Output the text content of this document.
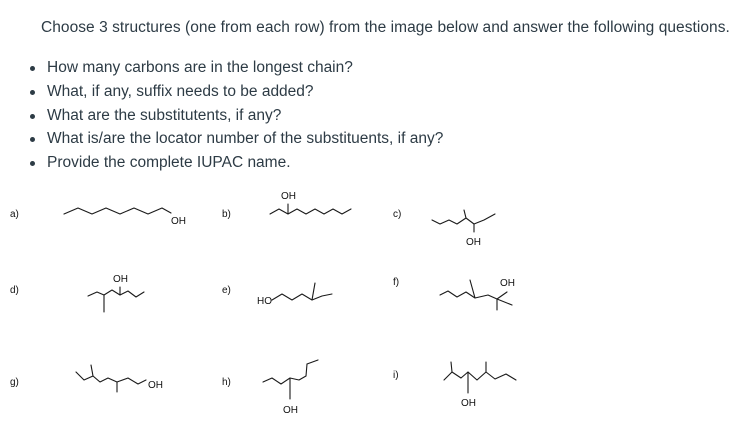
Choose 3 structures (one from each row) from the image below and answer the following questions.

How many carbons are in the longest chain?
What, if any, suffix needs to be added?
What are the substitutents, if any?
What is/are the locator number of the substituents, if any?
Provide the complete IUPAC name.
a)
OH
b)
OH
c)
OH
d)
OH
e)
HO
f)	OH
g)	OH	h)
OH
i)
OH
